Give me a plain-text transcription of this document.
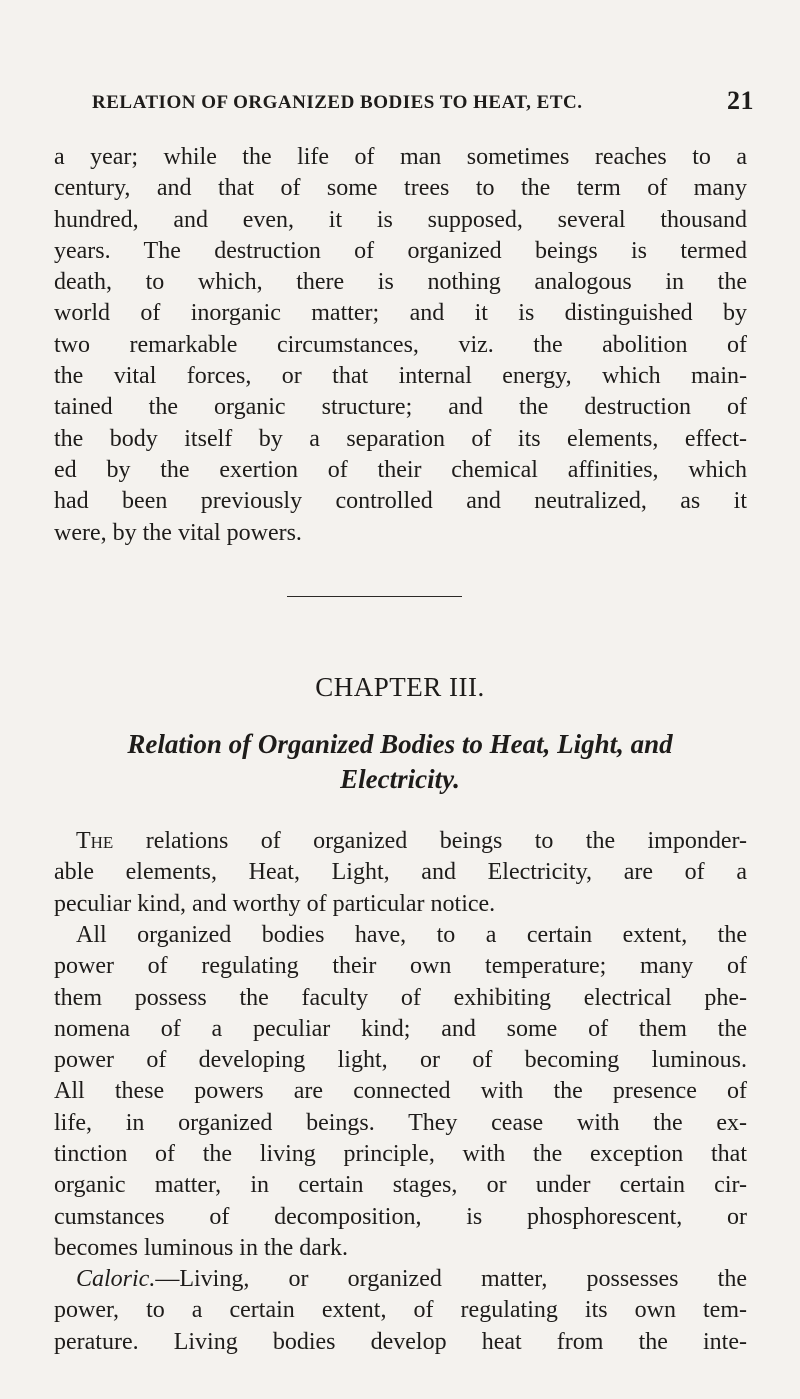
RELATION OF ORGANIZED BODIES TO HEAT, ETC.	21
a year; while the life of man sometimes reaches to a
century, and that of some trees to the term of many
hundred, and even, it is supposed, several thousand
years. The destruction of organized beings is termed
death, to which, there is nothing analogous in the
world of inorganic matter; and it is distinguished by
two remarkable circumstances, viz. the abolition of
the vital forces, or that internal energy, which main-
tained the organic structure; and the destruction of
the body itself by a separation of its elements, effect-
ed by the exertion of their chemical affinities, which
had been previously controlled and neutralized, as it
were, by the vital powers.
CHAPTER III.
Relation of Organized Bodies to Heat, Light, and
Electricity.
The relations of organized beings to the imponder-
able elements, Heat, Light, and Electricity, are of a
peculiar kind, and worthy of particular notice.
All organized bodies have, to a certain extent, the
power of regulating their own temperature; many of
them possess the faculty of exhibiting electrical phe-
nomena of a peculiar kind; and some of them the
power of developing light, or of becoming luminous.
All these powers are connected with the presence of
life, in organized beings. They cease with the ex-
tinction of the living principle, with the exception that
organic matter, in certain stages, or under certain cir-
cumstances of decomposition, is phosphorescent, or
becomes luminous in the dark.
Caloric.—Living, or organized matter, possesses the
power, to a certain extent, of regulating its own tem-
perature. Living bodies develop heat from the inte-
